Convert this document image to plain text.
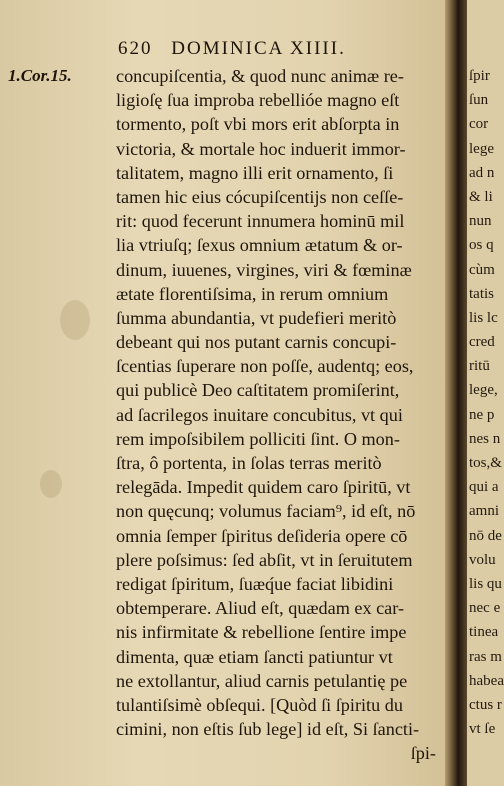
620 DOMINICA XIIII.
1.Cor.15. concupiſcentia, & quod nunc animæ re-
ligioſę ſua improba rebellióe magno eſt
tormento, poſt vbi mors erit abſorpta in
victoria, & mortale hoc induerit immor-
talitatem, magno illi erit ornamento, ſi
tamen hic eius cócupiſcentijs non ceſſe-
rit: quod fecerunt innumera hominū mil
lia vtriuſq; ſexus omnium ætatum & or-
dinum, iuuenes, virgines, viri & fœminæ
ætate florentiſsima, in rerum omnium
ſumma abundantia, vt pudefieri meritò
debeant qui nos putant carnis concupi-
ſcentias ſuperare non poſſe, audentq; eos,
qui publicè Deo caſtitatem promiſerint,
ad ſacrilegos inuitare concubitus, vt qui
rem impoſsibilem polliciti ſint. O mon-
ſtra, ô portenta, in ſolas terras meritò
relegāda. Impedit quidem caro ſpiritū, vt
non quęcunq; volumus faciam⁹, id eſt, nō
omnia ſemper ſpiritus deſideria opere cō
plere poſsimus: ſed abſit, vt in ſeruitutem
redigat ſpiritum, ſuæq́ue faciat libidini
obtemperare. Aliud eſt, quædam ex car-
nis infirmitate & rebellione ſentire impe
dimenta, quæ etiam ſancti patiuntur vt
ne extollantur, aliud carnis petulantię pe
tulantiſsimè obſequi. [Quòd ſi ſpiritu du
cimini, non eſtis ſub lege] id eſt, Si ſancti-
ſpi-
ſpir
ſun
cor
lege
ad n
& li
nun
os q
cùm
tatis
lis lc
cred
ritū
lege,
ne p
nes n
tos,&
qui a
amni
nō de
volu
lis qu
nec e
tinea
ras m
habea
ctus r
vt ſe
